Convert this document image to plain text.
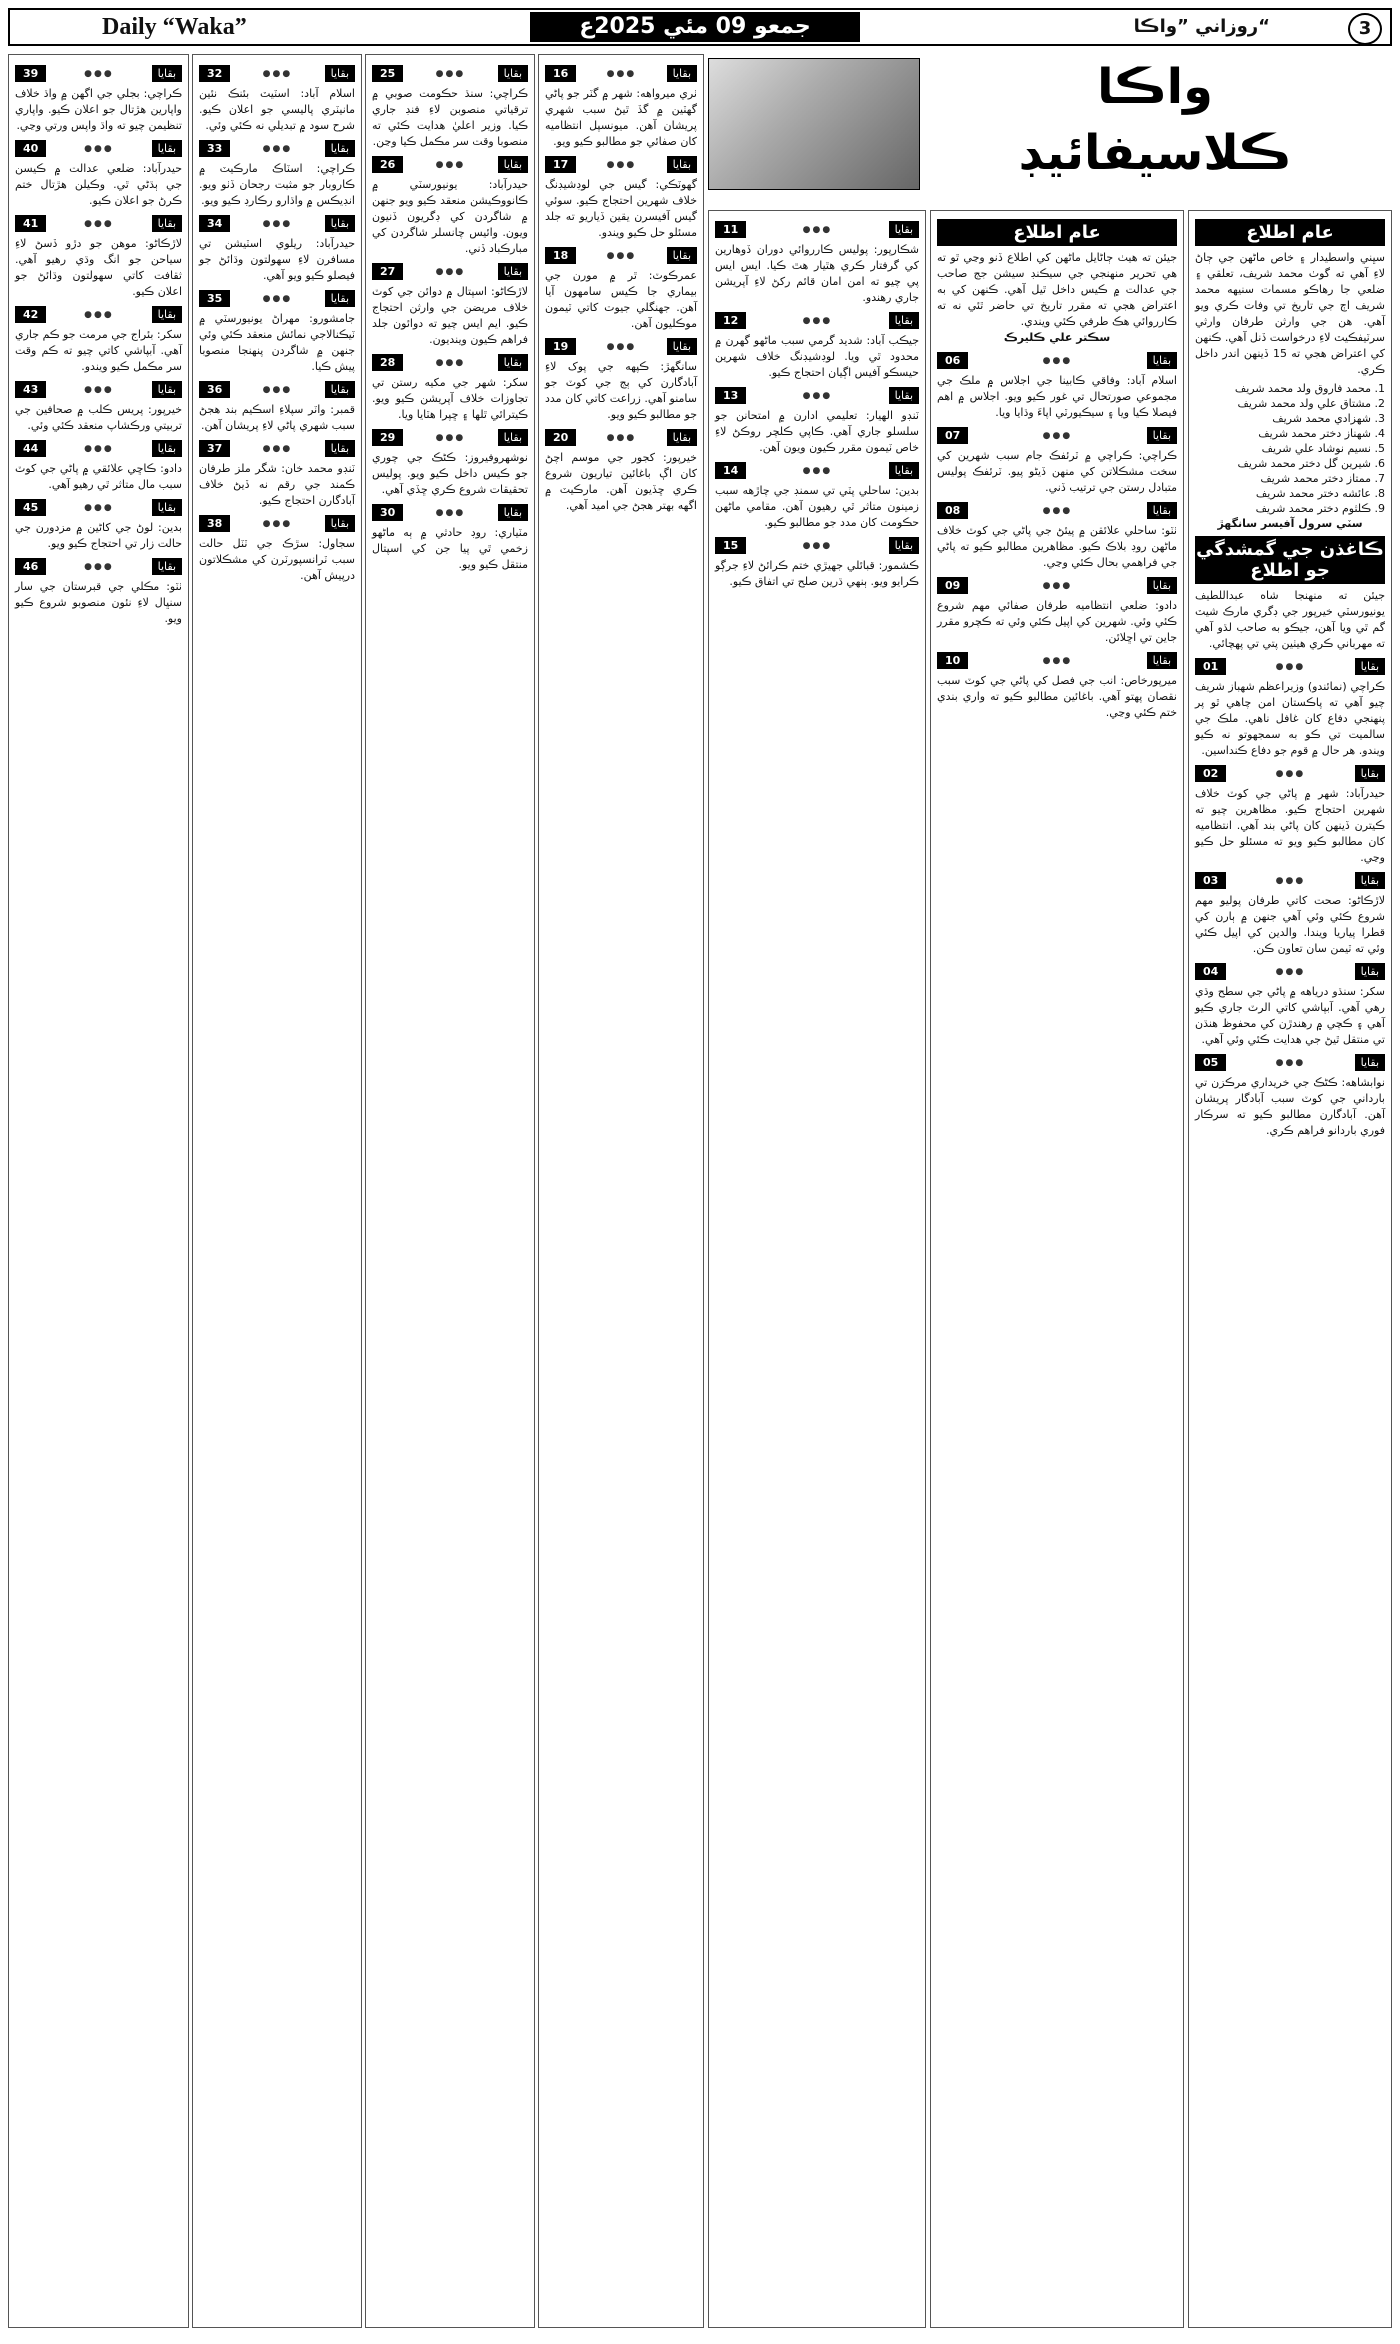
Daily “Waka”	جمعو 09 مئي 2025ع	روزاني ”واڪا“	3
واڪا
ڪلاسيفائيڊ
عام اطلاع
سڀني واسطيدار ۽ خاص ماڻهن جي ڄاڻ لاءِ آهي ته گوٺ محمد شريف، تعلقي ۽ ضلعي جا رهاڪو مسمات سنيهه محمد شريف اڄ جي تاريخ تي وفات ڪري ويو آهي. هن جي وارثن طرفان وارثي سرٽيفڪيٽ لاءِ درخواست ڏنل آهي. ڪنهن کي اعتراض هجي ته 15 ڏينهن اندر داخل ڪري.
1. محمد فاروق ولد محمد شريف
2. مشتاق علي ولد محمد شريف
3. شهزادي محمد شريف
4. شهناز دختر محمد شريف
5. نسيم نوشاد علي شريف
6. شيرين گل دختر محمد شريف
7. ممتاز دختر محمد شريف
8. عائشه دختر محمد شريف
9. ڪلثوم دختر محمد شريف
سٽي سرول آفيسر سانگهڙ
ڪاغذن جي گمشدگي جو اطلاع
جيئن ته منهنجا شاه عبداللطيف يونيورسٽي خيرپور جي ڊگري مارڪ شيٽ گم ٿي ويا آهن، جيڪو به صاحب لڌو آهي ته مهرباني ڪري هيٺين پتي تي پهچائي.
01	●●●	بقايا

ڪراچي (نمائندو) وزيراعظم شهباز شريف چيو آهي ته پاڪستان امن چاهي ٿو پر پنهنجي دفاع کان غافل ناهي. ملڪ جي سالميت تي ڪو به سمجهوتو نه ڪيو ويندو. هر حال ۾ قوم جو دفاع ڪنداسين.

02	●●●	بقايا

حيدرآباد: شهر ۾ پاڻي جي کوٽ خلاف شهرين احتجاج ڪيو. مظاهرين چيو ته ڪيترن ڏينهن کان پاڻي بند آهي. انتظاميه کان مطالبو ڪيو ويو ته مسئلو حل ڪيو وڃي.

03	●●●	بقايا

لاڙڪاڻو: صحت کاتي طرفان پوليو مهم شروع ڪئي وئي آهي جنهن ۾ ٻارن کي قطرا پياريا ويندا. والدين کي اپيل ڪئي وئي ته ٽيمن سان تعاون ڪن.

04	●●●	بقايا

سکر: سنڌو درياهه ۾ پاڻي جي سطح وڌي رهي آهي. آبپاشي کاتي الرٽ جاري ڪيو آهي ۽ ڪچي ۾ رهندڙن کي محفوظ هنڌن تي منتقل ٿيڻ جي هدايت ڪئي وئي آهي.

05	●●●	بقايا

نوابشاهه: ڪڻڪ جي خريداري مرڪزن تي بارداني جي کوٽ سبب آبادگار پريشان آهن. آبادگارن مطالبو ڪيو ته سرڪار فوري باردانو فراهم ڪري.

عام اطلاع
جيئن ته هيٺ ڄاڻايل ماڻهن کي اطلاع ڏنو وڃي ٿو ته هي تحرير منهنجي جي سيڪنڊ سيشن جج صاحب جي عدالت ۾ ڪيس داخل ٿيل آهي. ڪنهن کي به اعتراض هجي ته مقرر تاريخ تي حاضر ٿئي نه ته ڪارروائي هڪ طرفي ڪئي ويندي.
سڪتر علي ڪليرڪ
06	●●●	بقايا

اسلام آباد: وفاقي ڪابينا جي اجلاس ۾ ملڪ جي مجموعي صورتحال تي غور ڪيو ويو. اجلاس ۾ اهم فيصلا ڪيا ويا ۽ سيڪيورٽي اپاءَ وڌايا ويا.

07	●●●	بقايا

ڪراچي: ڪراچي ۾ ٽرئفڪ جام سبب شهرين کي سخت مشڪلاتن کي منهن ڏيڻو پيو. ٽرئفڪ پوليس متبادل رستن جي ترتيب ڏني.

08	●●●	بقايا

ٺٽو: ساحلي علائقن ۾ پيئڻ جي پاڻي جي کوٽ خلاف ماڻهن روڊ بلاڪ ڪيو. مظاهرين مطالبو ڪيو ته پاڻي جي فراهمي بحال ڪئي وڃي.

09	●●●	بقايا

دادو: ضلعي انتظاميه طرفان صفائي مهم شروع ڪئي وئي. شهرين کي اپيل ڪئي وئي ته ڪچرو مقرر جاين تي اڇلائن.

10	●●●	بقايا

ميرپورخاص: انب جي فصل کي پاڻي جي کوٽ سبب نقصان پهتو آهي. باغائين مطالبو ڪيو ته واري بندي ختم ڪئي وڃي.

11	●●●	بقايا

شڪارپور: پوليس ڪارروائي دوران ڏوهارين کي گرفتار ڪري هٿيار هٿ ڪيا. ايس ايس پي چيو ته امن امان قائم رکڻ لاءِ آپريشن جاري رهندو.

12	●●●	بقايا

جيڪب آباد: شديد گرمي سبب ماڻهو گهرن ۾ محدود ٿي ويا. لوڊشيڊنگ خلاف شهرين حيسڪو آفيس اڳيان احتجاج ڪيو.

13	●●●	بقايا

ٽنڊو الهيار: تعليمي ادارن ۾ امتحانن جو سلسلو جاري آهي. ڪاپي ڪلچر روڪڻ لاءِ خاص ٽيمون مقرر ڪيون ويون آهن.

14	●●●	بقايا

بدين: ساحلي پٽي تي سمنڊ جي چاڙهه سبب زمينون متاثر ٿي رهيون آهن. مقامي ماڻهن حڪومت کان مدد جو مطالبو ڪيو.

15	●●●	بقايا

ڪشمور: قبائلي جهيڙي ختم ڪرائڻ لاءِ جرڳو ڪرايو ويو. ٻنهي ڌرين صلح تي اتفاق ڪيو.

16	●●●	بقايا

ٺري ميرواهه: شهر ۾ گٽر جو پاڻي گهٽين ۾ گڏ ٿيڻ سبب شهري پريشان آهن. ميونسپل انتظاميه کان صفائي جو مطالبو ڪيو ويو.

17	●●●	بقايا

گهوٽڪي: گيس جي لوڊشيڊنگ خلاف شهرين احتجاج ڪيو. سوئي گيس آفيسرن يقين ڏياريو ته جلد مسئلو حل ڪيو ويندو.

18	●●●	بقايا

عمرڪوٽ: ٿر ۾ مورن جي بيماري جا ڪيس سامهون آيا آهن. جهنگلي جيوت کاتي ٽيمون موڪليون آهن.

19	●●●	بقايا

سانگهڙ: ڪپهه جي پوک لاءِ آبادگارن کي ٻج جي کوٽ جو سامنو آهي. زراعت کاتي کان مدد جو مطالبو ڪيو ويو.

20	●●●	بقايا

خيرپور: کجور جي موسم اچڻ کان اڳ باغائين تياريون شروع ڪري ڇڏيون آهن. مارڪيٽ ۾ اگهه بهتر هجڻ جي اميد آهي.

25	●●●	بقايا

ڪراچي: سنڌ حڪومت صوبي ۾ ترقياتي منصوبن لاءِ فنڊ جاري ڪيا. وزير اعليٰ هدايت ڪئي ته منصوبا وقت سر مڪمل ڪيا وڃن.

26	●●●	بقايا

حيدرآباد: يونيورسٽي ۾ ڪانووڪيشن منعقد ڪيو ويو جنهن ۾ شاگردن کي ڊگريون ڏنيون ويون. وائيس چانسلر شاگردن کي مبارڪباد ڏني.

27	●●●	بقايا

لاڙڪاڻو: اسپتال ۾ دوائن جي کوٽ خلاف مريضن جي وارثن احتجاج ڪيو. ايم ايس چيو ته دوائون جلد فراهم ڪيون وينديون.

28	●●●	بقايا

سکر: شهر جي مکيه رستن تي تجاوزات خلاف آپريشن ڪيو ويو. ڪيترائي ٿلها ۽ ڇپرا هٽايا ويا.

29	●●●	بقايا

نوشهروفيروز: ڪڻڪ جي چوري جو ڪيس داخل ڪيو ويو. پوليس تحقيقات شروع ڪري ڇڏي آهي.

30	●●●	بقايا

مٽياري: روڊ حادثي ۾ ٻه ماڻهو زخمي ٿي پيا جن کي اسپتال منتقل ڪيو ويو.

32	●●●	بقايا

اسلام آباد: اسٽيٽ بئنڪ نئين مانيٽري پاليسي جو اعلان ڪيو. شرح سود ۾ تبديلي نه ڪئي وئي.

33	●●●	بقايا

ڪراچي: اسٽاڪ مارڪيٽ ۾ ڪاروبار جو مثبت رجحان ڏٺو ويو. انڊيڪس ۾ واڌارو رڪارڊ ڪيو ويو.

34	●●●	بقايا

حيدرآباد: ريلوي اسٽيشن تي مسافرن لاءِ سهولتون وڌائڻ جو فيصلو ڪيو ويو آهي.

35	●●●	بقايا

جامشورو: مهراڻ يونيورسٽي ۾ ٽيڪنالاجي نمائش منعقد ڪئي وئي جنهن ۾ شاگردن پنهنجا منصوبا پيش ڪيا.

36	●●●	بقايا

قمبر: واٽر سپلاءِ اسڪيم بند هجڻ سبب شهري پاڻي لاءِ پريشان آهن.

37	●●●	بقايا

ٽنڊو محمد خان: شگر ملز طرفان ڪمند جي رقم نه ڏيڻ خلاف آبادگارن احتجاج ڪيو.

38	●●●	بقايا

سجاول: سڙڪ جي ٽٽل حالت سبب ٽرانسپورٽرن کي مشڪلاتون درپيش آهن.

39	●●●	بقايا

ڪراچي: بجلي جي اگهن ۾ واڌ خلاف واپارين هڙتال جو اعلان ڪيو. واپاري تنظيمن چيو ته واڌ واپس ورتي وڃي.

40	●●●	بقايا

حيدرآباد: ضلعي عدالت ۾ ڪيسن جي ٻڌڻي ٿي. وڪيلن هڙتال ختم ڪرڻ جو اعلان ڪيو.

41	●●●	بقايا

لاڙڪاڻو: موهن جو دڙو ڏسڻ لاءِ سياحن جو انگ وڌي رهيو آهي. ثقافت کاتي سهولتون وڌائڻ جو اعلان ڪيو.

42	●●●	بقايا

سکر: بئراج جي مرمت جو ڪم جاري آهي. آبپاشي کاتي چيو ته ڪم وقت سر مڪمل ڪيو ويندو.

43	●●●	بقايا

خيرپور: پريس ڪلب ۾ صحافين جي تربيتي ورڪشاپ منعقد ڪئي وئي.

44	●●●	بقايا

دادو: ڪاڇي علائقي ۾ پاڻي جي کوٽ سبب مال متاثر ٿي رهيو آهي.

45	●●●	بقايا

بدين: لوڻ جي کاڻين ۾ مزدورن جي حالت زار تي احتجاج ڪيو ويو.

46	●●●	بقايا

ٺٽو: مڪلي جي قبرستان جي سار سنڀال لاءِ نئون منصوبو شروع ڪيو ويو.
